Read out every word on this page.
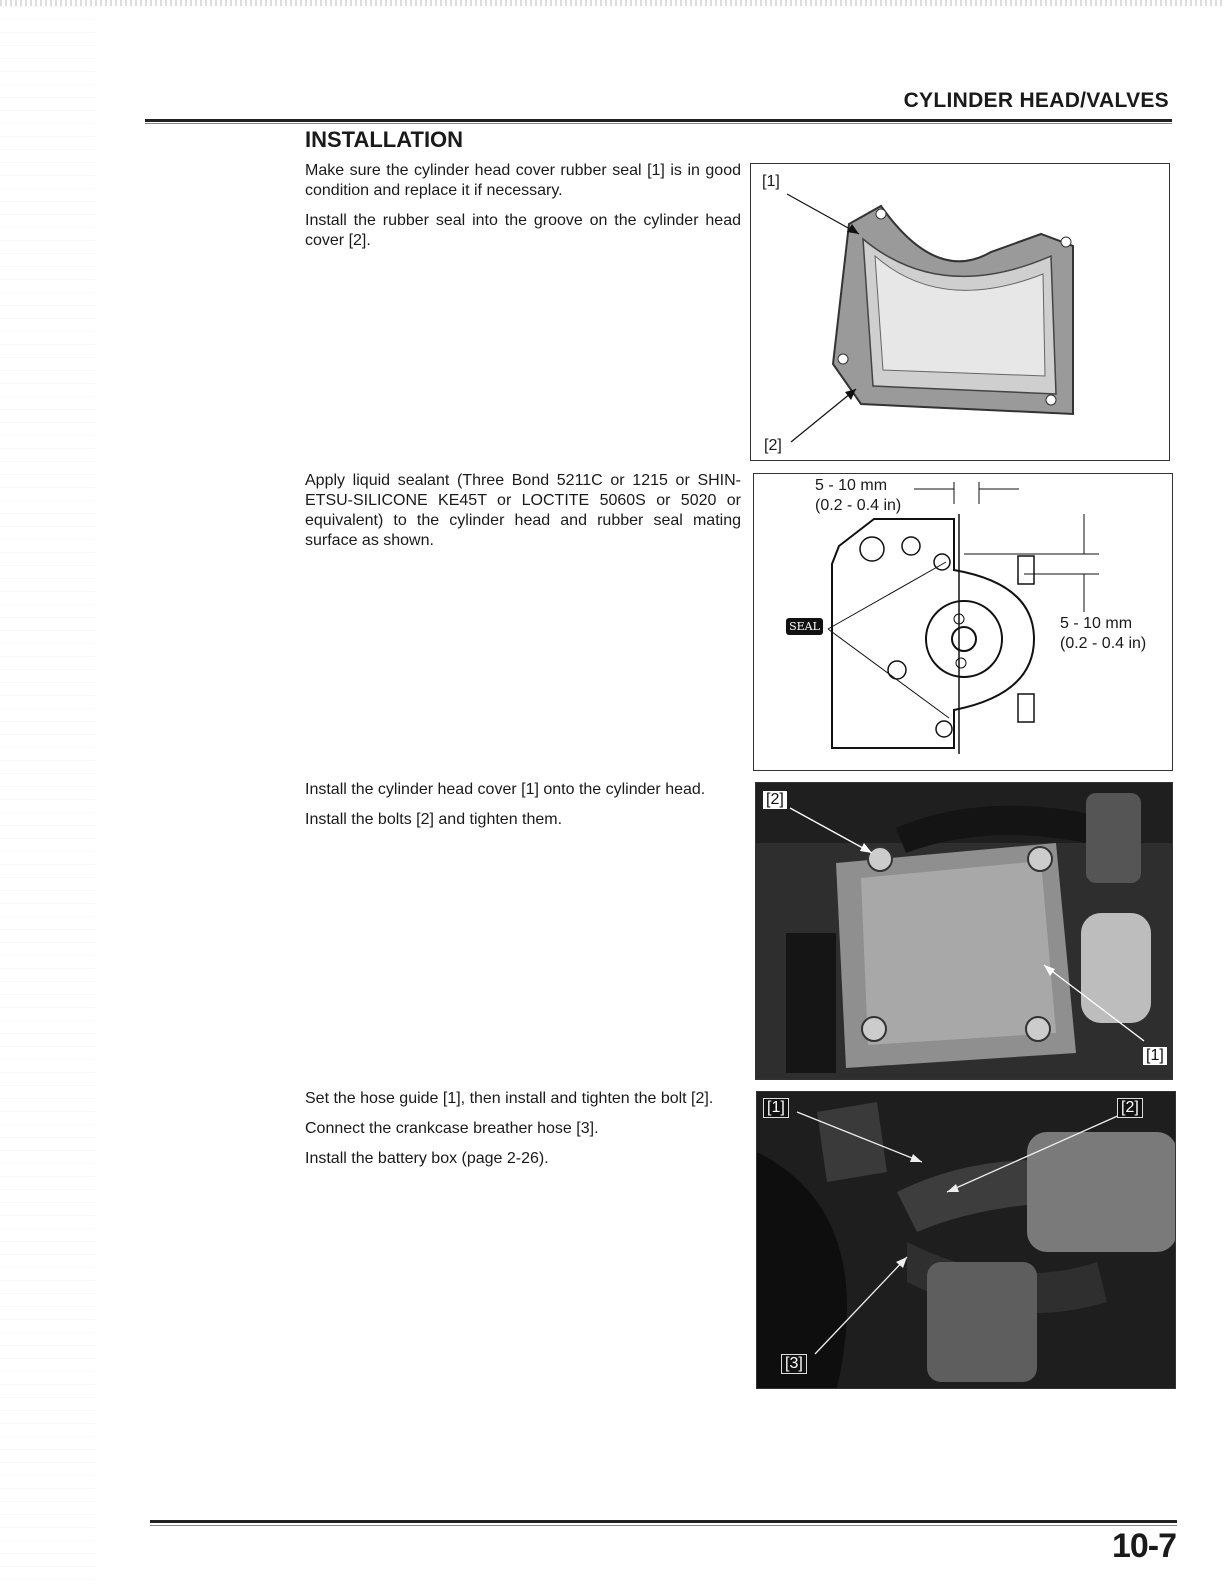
CYLINDER HEAD/VALVES
INSTALLATION

Make sure the cylinder head cover rubber seal [1] is in good condition and replace it if necessary.

Install the rubber seal into the groove on the cylinder head cover [2].

[1]
[2]

Apply liquid sealant (Three Bond 5211C or 1215 or SHIN-ETSU-SILICONE KE45T or LOCTITE 5060S or 5020 or equivalent) to the cylinder head and rubber seal mating surface as shown.

5 - 10 mm
(0.2 - 0.4 in)
5 - 10 mm
(0.2 - 0.4 in)
SEAL

Install the cylinder head cover [1] onto the cylinder head.

Install the bolts [2] and tighten them.

[2]
[1]

Set the hose guide [1], then install and tighten the bolt [2].

Connect the crankcase breather hose [3].

Install the battery box (page 2-26).

[1]	[2]
[3]
10-7
